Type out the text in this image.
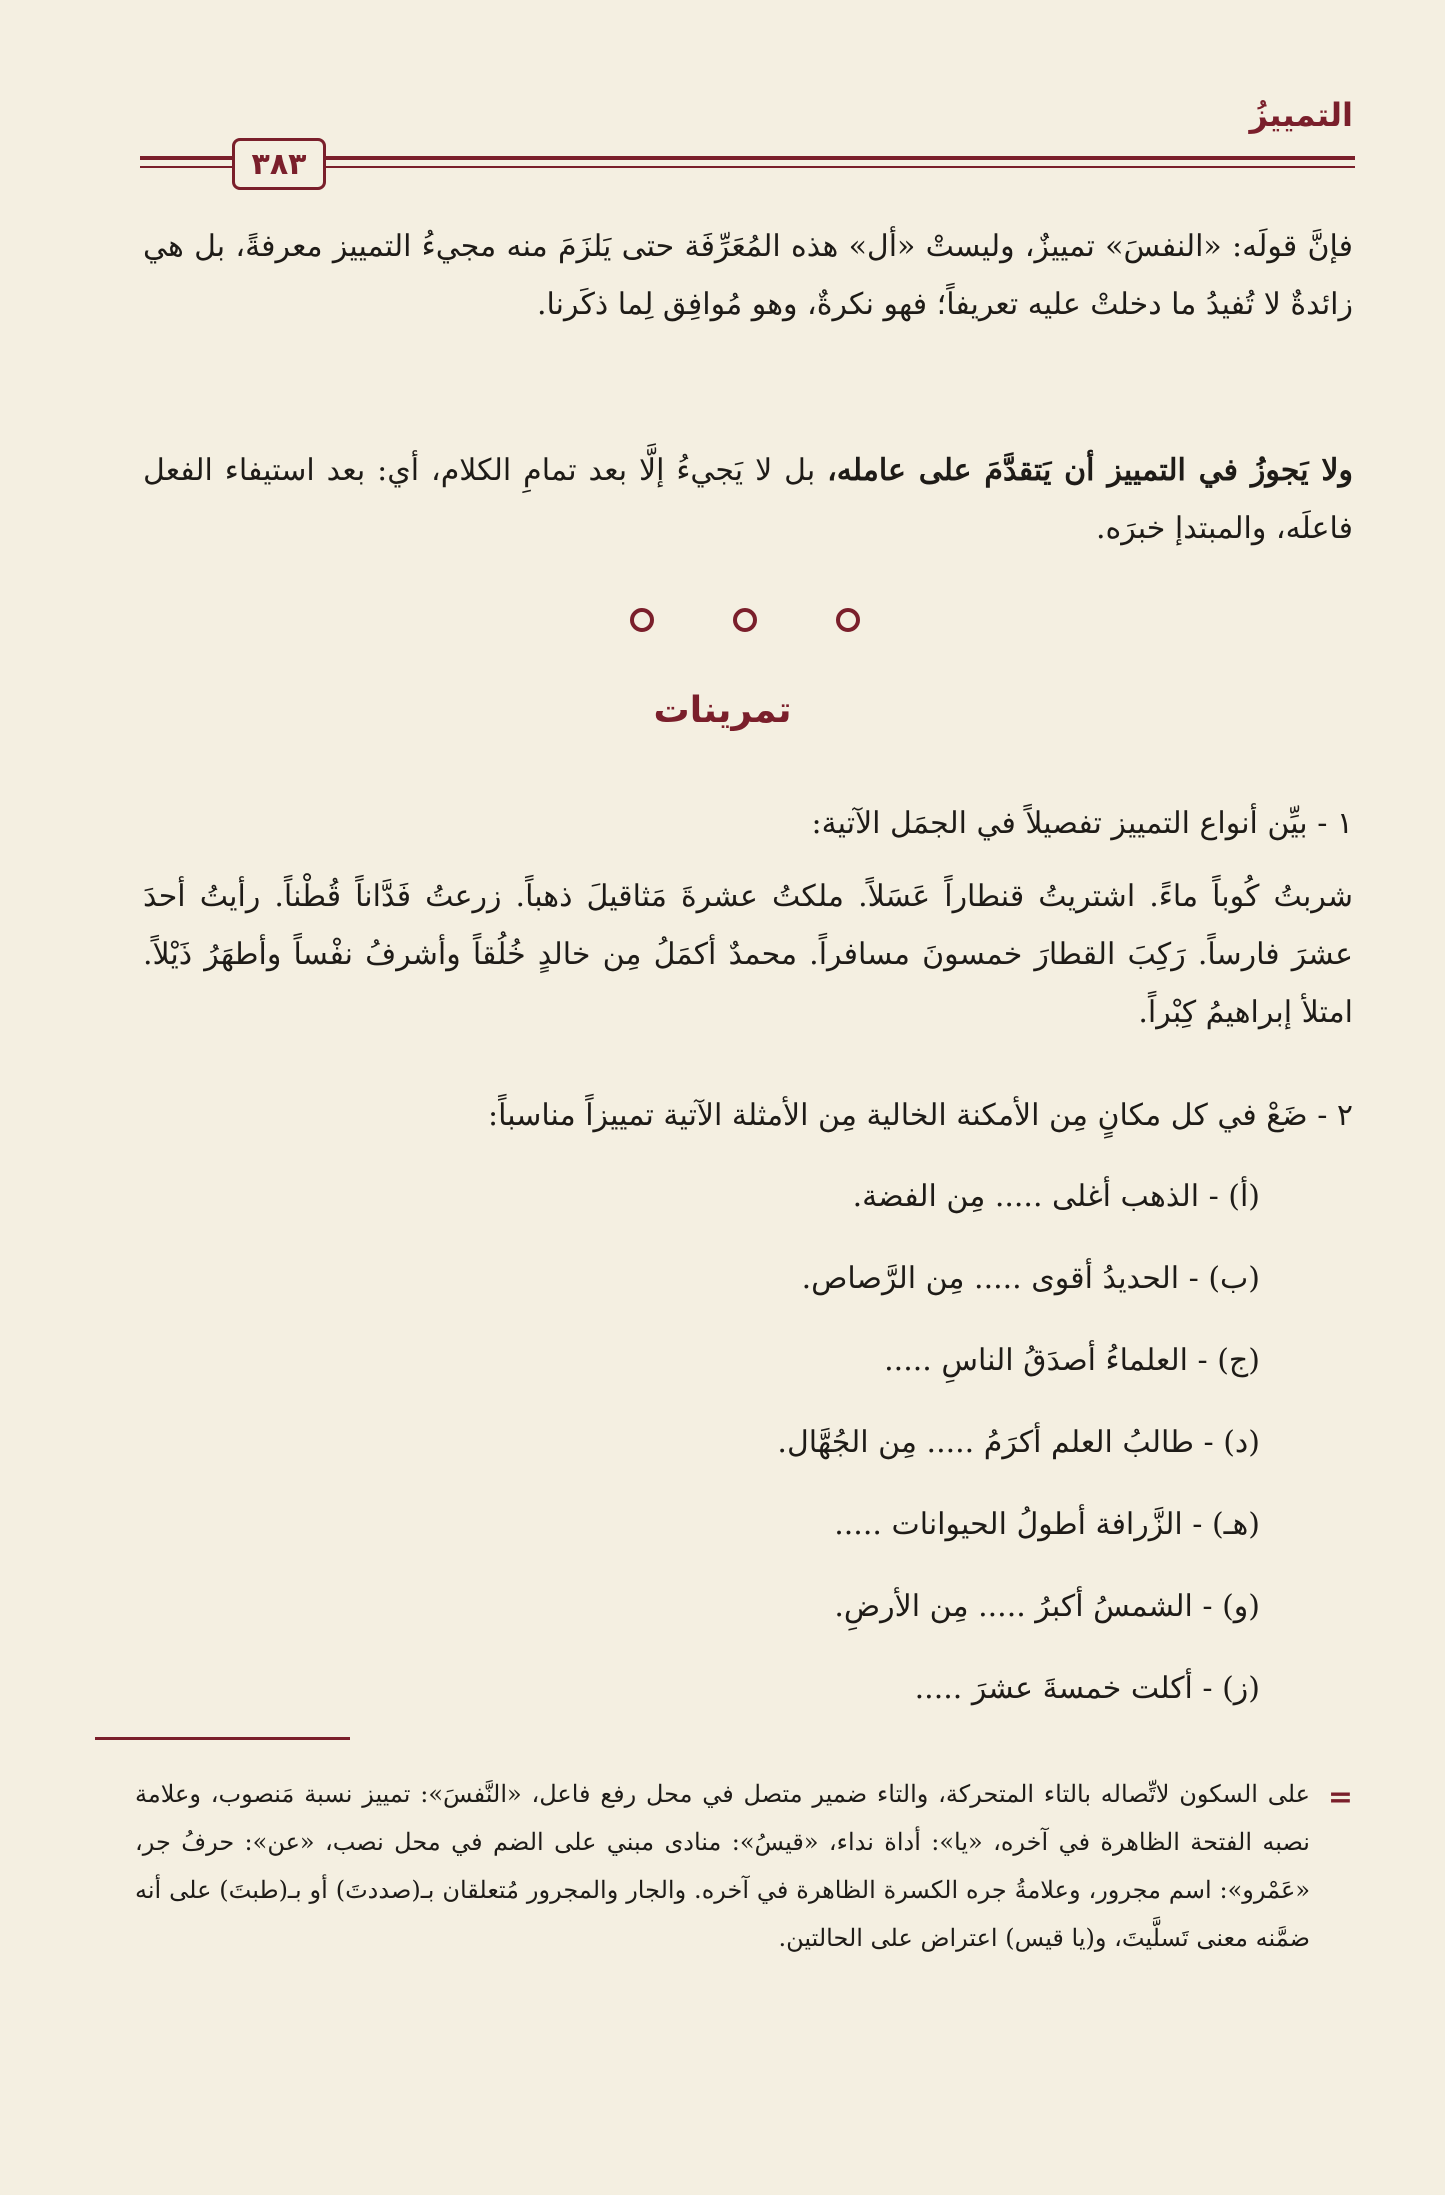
التمييزُ
٣٨٣
فإنَّ قولَه: «النفسَ» تمييزٌ، وليستْ «أل» هذه المُعَرِّفَة حتى يَلزَمَ منه مجيءُ التمييز معرفةً، بل هي زائدةٌ لا تُفيدُ ما دخلتْ عليه تعريفاً؛ فهو نكرةٌ، وهو مُوافِق لِما ذكَرنا.
ولا يَجوزُ في التمييز أن يَتقدَّمَ على عامله، بل لا يَجيءُ إلَّا بعد تمامِ الكلام، أي: بعد استيفاء الفعل فاعلَه، والمبتدإ خبرَه.
تمرينات
١ - بيِّن أنواع التمييز تفصيلاً في الجمَل الآتية:
شربتُ كُوباً ماءً. اشتريتُ قنطاراً عَسَلاً. ملكتُ عشرةَ مَثاقيلَ ذهباً. زرعتُ فَدَّاناً قُطْناً. رأيتُ أحدَ عشرَ فارساً. رَكِبَ القطارَ خمسونَ مسافراً. محمدٌ أكمَلُ مِن خالدٍ خُلُقاً وأشرفُ نفْساً وأطهَرُ ذَيْلاً. امتلأ إبراهيمُ كِبْراً.
٢ - ضَعْ في كل مكانٍ مِن الأمكنة الخالية مِن الأمثلة الآتية تمييزاً مناسباً:
(أ) - الذهب أغلى ..... مِن الفضة.
(ب) - الحديدُ أقوى ..... مِن الرَّصاص.
(ج) - العلماءُ أصدَقُ الناسِ .....
(د) - طالبُ العلم أكرَمُ ..... مِن الجُهَّال.
(هـ) - الزَّرافة أطولُ الحيوانات .....
(و) - الشمسُ أكبرُ ..... مِن الأرضِ.
(ز) - أكلت خمسةَ عشرَ .....
=
على السكون لاتِّصاله بالتاء المتحركة، والتاء ضمير متصل في محل رفع فاعل، «النَّفسَ»: تمييز نسبة مَنصوب، وعلامة نصبه الفتحة الظاهرة في آخره، «يا»: أداة نداء، «قيسُ»: منادى مبني على الضم في محل نصب، «عن»: حرفُ جر، «عَمْرو»: اسم مجرور، وعلامةُ جره الكسرة الظاهرة في آخره. والجار والمجرور مُتعلقان بـ(صددتَ) أو بـ(طبتَ) على أنه ضمَّنه معنى تَسلَّيتَ، و(يا قيس) اعتراض على الحالتين.
